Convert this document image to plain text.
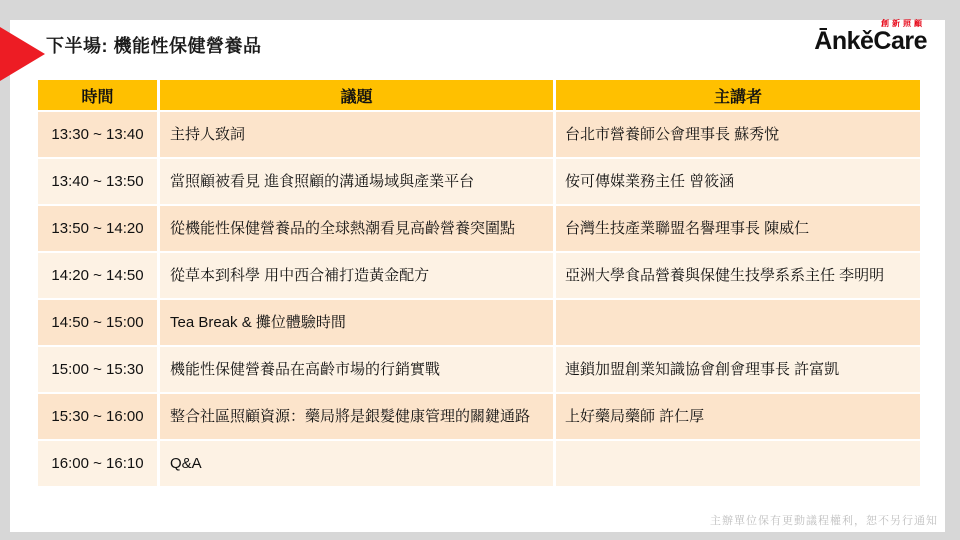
下半場: 機能性保健營養品
創新照顧
ĀnkěCare
時間	議題	主講者
13:30 ~ 13:40	主持人致詞	台北市營養師公會理事長 蘇秀悅
13:40 ~ 13:50	當照顧被看見 進食照顧的溝通場域與產業平台	侒可傳媒業務主任 曾筱涵
13:50 ~ 14:20	從機能性保健營養品的全球熱潮看見高齡營養突圍點	台灣生技產業聯盟名譽理事長 陳威仁
14:20 ~ 14:50	從草本到科學 用中西合補打造黃金配方	亞洲大學食品營養與保健生技學系系主任 李明明
14:50 ~ 15:00	Tea Break & 攤位體驗時間	
15:00 ~ 15:30	機能性保健營養品在高齡市場的行銷實戰	連鎖加盟創業知識協會創會理事長 許富凱
15:30 ~ 16:00	整合社區照顧資源：藥局將是銀髮健康管理的關鍵通路	上好藥局藥師 許仁厚
16:00 ~ 16:10	Q&A	
主辦單位保有更動議程權利，恕不另行通知
